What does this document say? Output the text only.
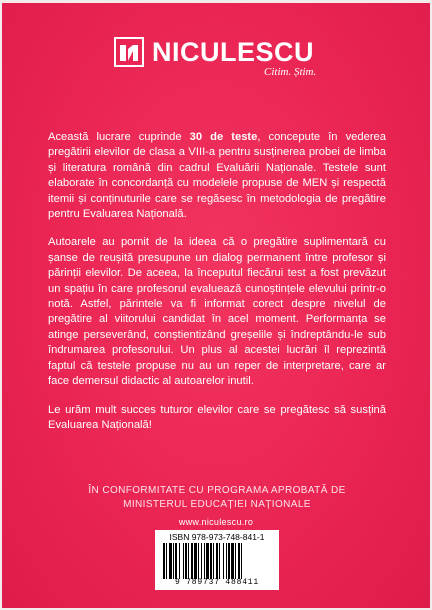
NICULESCU
Citim. Știm.

Această lucrare cuprinde 30 de teste, concepute în vederea pregătirii elevilor de clasa a VIII-a pentru susținerea probei de limba și literatura română din cadrul Evaluării Naționale. Testele sunt elaborate în concordanță cu modelele propuse de MEN și respectă itemii și conținuturile care se regăsesc în metodologia de pregătire pentru Evaluarea Națională.

Autoarele au pornit de la ideea că o pregătire suplimentară cu șanse de reușită presupune un dialog permanent între profesor și părinții elevilor. De aceea, la începutul fiecărui test a fost prevăzut un spațiu în care profesorul evaluează cunoștințele elevului printr-o notă. Astfel, părintele va fi informat corect despre nivelul de pregătire al viitorului candidat în acel moment. Performanța se atinge perseverând, conștientizând greșelile și îndreptându-le sub îndrumarea profesorului. Un plus al acestei lucrări îl reprezintă faptul că testele propuse nu au un reper de interpretare, care ar face demersul didactic al autoarelor inutil.

Le urăm mult succes tuturor elevilor care se pregătesc să susțină Evaluarea Națională!

ÎN CONFORMITATE CU PROGRAMA APROBATĂ DE
MINISTERUL EDUCAȚIEI NAȚIONALE
www.niculescu.ro
ISBN 978-973-748-841-1
9 789737 488411
